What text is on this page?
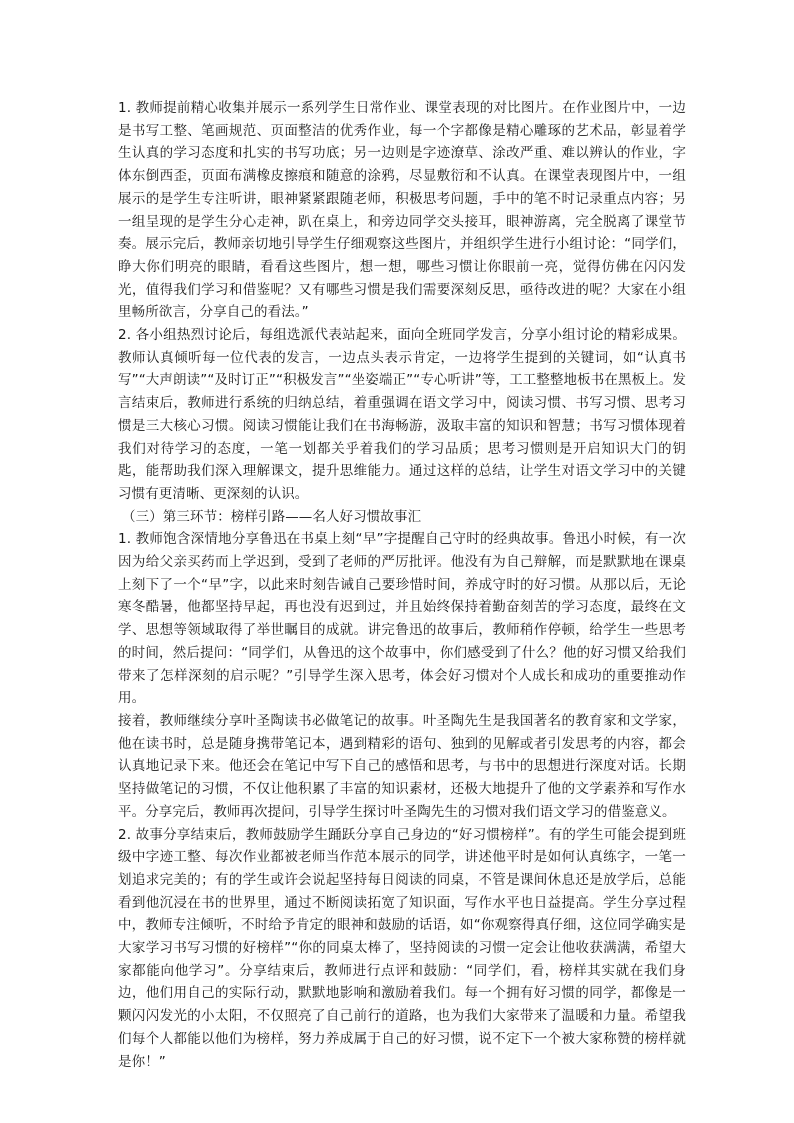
1. 教师提前精心收集并展示一系列学生日常作业、课堂表现的对比图片。在作业图片中，一边是书写工整、笔画规范、页面整洁的优秀作业，每一个字都像是精心雕琢的艺术品，彰显着学生认真的学习态度和扎实的书写功底；另一边则是字迹潦草、涂改严重、难以辨认的作业，字体东倒西歪，页面布满橡皮擦痕和随意的涂鸦，尽显敷衍和不认真。在课堂表现图片中，一组展示的是学生专注听讲，眼神紧紧跟随老师，积极思考问题，手中的笔不时记录重点内容；另一组呈现的是学生分心走神，趴在桌上，和旁边同学交头接耳，眼神游离，完全脱离了课堂节奏。展示完后，教师亲切地引导学生仔细观察这些图片，并组织学生进行小组讨论：“同学们，睁大你们明亮的眼睛，看看这些图片，想一想，哪些习惯让你眼前一亮，觉得仿佛在闪闪发光，值得我们学习和借鉴呢？又有哪些习惯是我们需要深刻反思，亟待改进的呢？大家在小组里畅所欲言，分享自己的看法。”

2. 各小组热烈讨论后，每组选派代表站起来，面向全班同学发言，分享小组讨论的精彩成果。教师认真倾听每一位代表的发言，一边点头表示肯定，一边将学生提到的关键词，如“认真书写”“大声朗读”“及时订正”“积极发言”“坐姿端正”“专心听讲”等，工工整整地板书在黑板上。发言结束后，教师进行系统的归纳总结，着重强调在语文学习中，阅读习惯、书写习惯、思考习惯是三大核心习惯。阅读习惯能让我们在书海畅游，汲取丰富的知识和智慧；书写习惯体现着我们对待学习的态度，一笔一划都关乎着我们的学习品质；思考习惯则是开启知识大门的钥匙，能帮助我们深入理解课文，提升思维能力。通过这样的总结，让学生对语文学习中的关键习惯有更清晰、更深刻的认识。

（三）第三环节：榜样引路——名人好习惯故事汇

1. 教师饱含深情地分享鲁迅在书桌上刻“早”字提醒自己守时的经典故事。鲁迅小时候，有一次因为给父亲买药而上学迟到，受到了老师的严厉批评。他没有为自己辩解，而是默默地在课桌上刻下了一个“早”字，以此来时刻告诫自己要珍惜时间，养成守时的好习惯。从那以后，无论寒冬酷暑，他都坚持早起，再也没有迟到过，并且始终保持着勤奋刻苦的学习态度，最终在文学、思想等领域取得了举世瞩目的成就。讲完鲁迅的故事后，教师稍作停顿，给学生一些思考的时间，然后提问：“同学们，从鲁迅的这个故事中，你们感受到了什么？他的好习惯又给我们带来了怎样深刻的启示呢？”引导学生深入思考，体会好习惯对个人成长和成功的重要推动作用。

接着，教师继续分享叶圣陶读书必做笔记的故事。叶圣陶先生是我国著名的教育家和文学家，他在读书时，总是随身携带笔记本，遇到精彩的语句、独到的见解或者引发思考的内容，都会认真地记录下来。他还会在笔记中写下自己的感悟和思考，与书中的思想进行深度对话。长期坚持做笔记的习惯，不仅让他积累了丰富的知识素材，还极大地提升了他的文学素养和写作水平。分享完后，教师再次提问，引导学生探讨叶圣陶先生的习惯对我们语文学习的借鉴意义。

2. 故事分享结束后，教师鼓励学生踊跃分享自己身边的“好习惯榜样”。有的学生可能会提到班级中字迹工整、每次作业都被老师当作范本展示的同学，讲述他平时是如何认真练字，一笔一划追求完美的；有的学生或许会说起坚持每日阅读的同桌，不管是课间休息还是放学后，总能看到他沉浸在书的世界里，通过不断阅读拓宽了知识面，写作水平也日益提高。学生分享过程中，教师专注倾听，不时给予肯定的眼神和鼓励的话语，如“你观察得真仔细，这位同学确实是大家学习书写习惯的好榜样”“你的同桌太棒了，坚持阅读的习惯一定会让他收获满满，希望大家都能向他学习”。分享结束后，教师进行点评和鼓励：“同学们，看，榜样其实就在我们身边，他们用自己的实际行动，默默地影响和激励着我们。每一个拥有好习惯的同学，都像是一颗闪闪发光的小太阳，不仅照亮了自己前行的道路，也为我们大家带来了温暖和力量。希望我们每个人都能以他们为榜样，努力养成属于自己的好习惯，说不定下一个被大家称赞的榜样就是你！”
